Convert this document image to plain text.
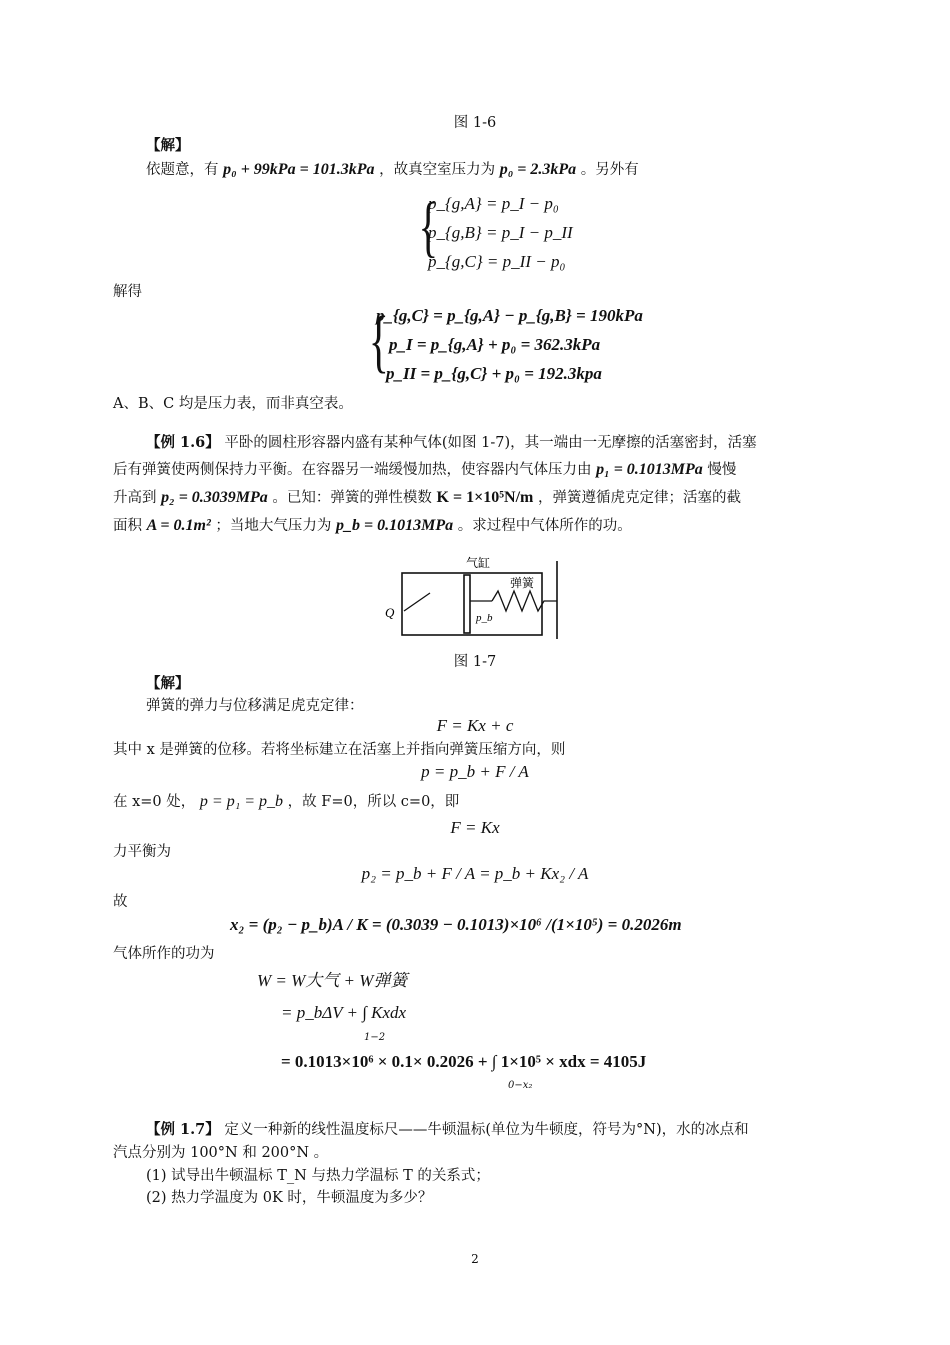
图 1-6
【解】
依题意，有 p₀ + 99kPa = 101.3kPa ，故真空室压力为 p₀ = 2.3kPa 。另外有
{
p_{g,A} = p_I − p₀
p_{g,B} = p_I − p_II
p_{g,C} = p_II − p₀
解得
{
p_{g,C} = p_{g,A} − p_{g,B} = 190kPa
p_I = p_{g,A} + p₀ = 362.3kPa
p_II = p_{g,C} + p₀ = 192.3kpa
A、B、C 均是压力表，而非真空表。
【例 1.6】 平卧的圆柱形容器内盛有某种气体(如图 1-7)，其一端由一无摩擦的活塞密封，活塞
后有弹簧使两侧保持力平衡。在容器另一端缓慢加热，使容器内气体压力由 p₁ = 0.1013MPa 慢慢
升高到 p₂ = 0.3039MPa 。已知：弹簧的弹性模数 K = 1×10⁵N/m ，弹簧遵循虎克定律；活塞的截
面积 A = 0.1m² ；当地大气压力为 p_b = 0.1013MPa 。求过程中气体所作的功。
气缸
弹簧
Q	p_b
图 1-7
【解】
弹簧的弹力与位移满足虎克定律：
F = Kx + c
其中 x 是弹簧的位移。若将坐标建立在活塞上并指向弹簧压缩方向，则
p = p_b + F / A
在 x=0 处， p = p₁ = p_b ，故 F=0，所以 c=0，即
F = Kx
力平衡为
p₂ = p_b + F / A = p_b + Kx₂ / A
故
x₂ = (p₂ − p_b)A / K = (0.3039 − 0.1013)×10⁶ /(1×10⁵) = 0.2026m
气体所作的功为
W = W大气 + W弹簧
= p_bΔV + ∫ Kxdx
1−2
= 0.1013×10⁶ × 0.1× 0.2026 + ∫ 1×10⁵ × xdx = 4105J
0−x₂
【例 1.7】 定义一种新的线性温度标尺——牛顿温标(单位为牛顿度，符号为°N)，水的冰点和
汽点分别为 100°N 和 200°N 。
(1) 试导出牛顿温标 T_N 与热力学温标 T 的关系式；
(2) 热力学温度为 0K 时，牛顿温度为多少？
2
